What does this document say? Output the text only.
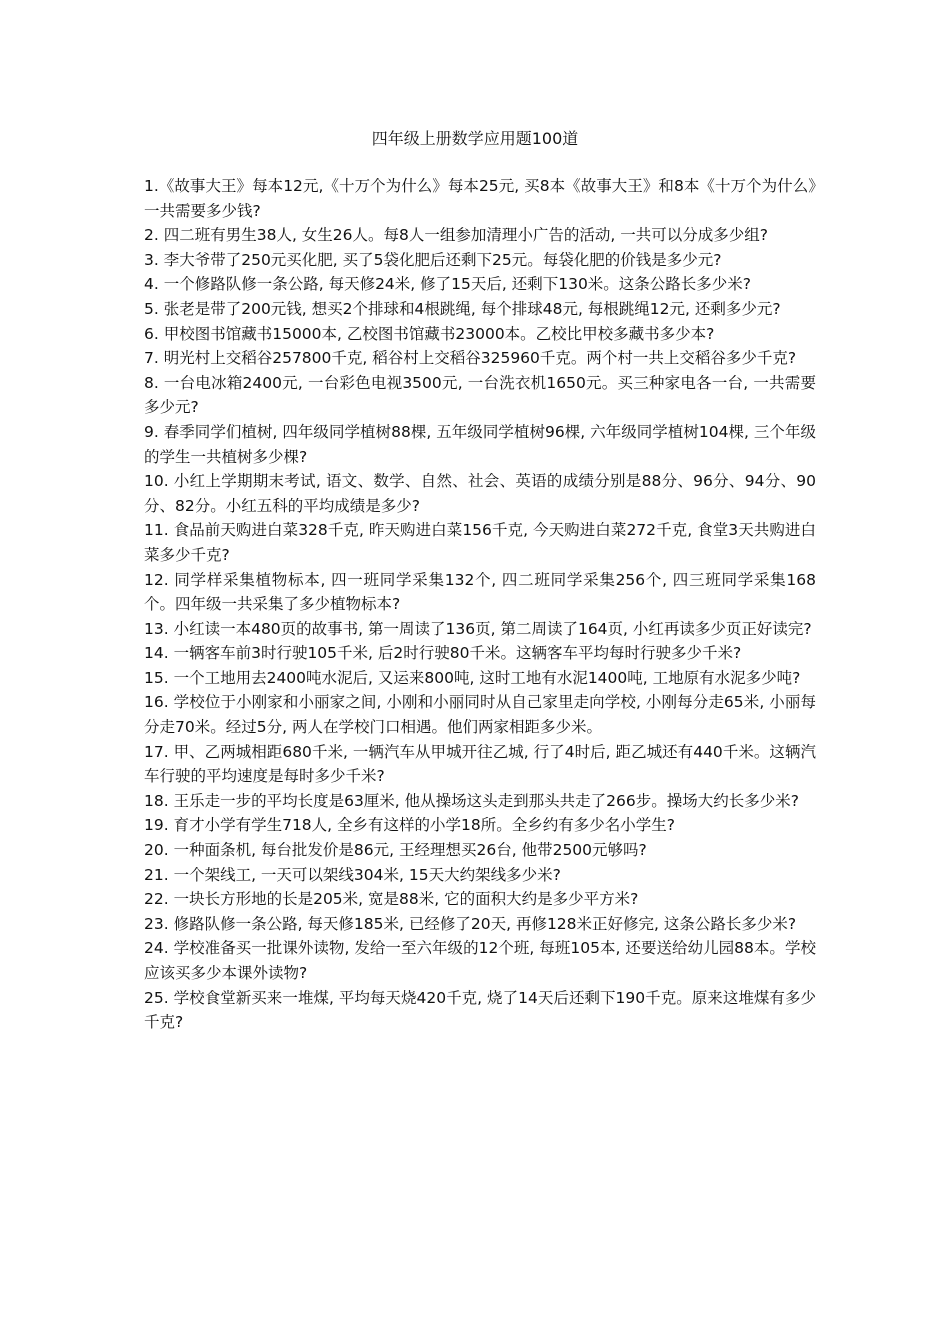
四年级上册数学应用题100道

1.《故事大王》每本12元,《十万个为什么》每本25元, 买8本《故事大王》和8本《十万个为什么》一共需要多少钱?

2. 四二班有男生38人, 女生26人。每8人一组参加清理小广告的活动, 一共可以分成多少组?

3. 李大爷带了250元买化肥, 买了5袋化肥后还剩下25元。每袋化肥的价钱是多少元?

4. 一个修路队修一条公路, 每天修24米, 修了15天后, 还剩下130米。这条公路长多少米?

5. 张老是带了200元钱, 想买2个排球和4根跳绳, 每个排球48元, 每根跳绳12元, 还剩多少元?

6. 甲校图书馆藏书15000本, 乙校图书馆藏书23000本。乙校比甲校多藏书多少本?

7. 明光村上交稻谷257800千克, 稻谷村上交稻谷325960千克。两个村一共上交稻谷多少千克?

8. 一台电冰箱2400元, 一台彩色电视3500元, 一台洗衣机1650元。买三种家电各一台, 一共需要多少元?

9. 春季同学们植树, 四年级同学植树88棵, 五年级同学植树96棵, 六年级同学植树104棵, 三个年级的学生一共植树多少棵?

10. 小红上学期期末考试, 语文、数学、自然、社会、英语的成绩分别是88分、96分、94分、90分、82分。小红五科的平均成绩是多少?

11. 食品前天购进白菜328千克, 昨天购进白菜156千克, 今天购进白菜272千克, 食堂3天共购进白菜多少千克?

12. 同学样采集植物标本, 四一班同学采集132个, 四二班同学采集256个, 四三班同学采集168个。四年级一共采集了多少植物标本?

13. 小红读一本480页的故事书, 第一周读了136页, 第二周读了164页, 小红再读多少页正好读完?

14. 一辆客车前3时行驶105千米, 后2时行驶80千米。这辆客车平均每时行驶多少千米?

15. 一个工地用去2400吨水泥后, 又运来800吨, 这时工地有水泥1400吨, 工地原有水泥多少吨?

16. 学校位于小刚家和小丽家之间, 小刚和小丽同时从自己家里走向学校, 小刚每分走65米, 小丽每分走70米。经过5分, 两人在学校门口相遇。他们两家相距多少米。

17. 甲、乙两城相距680千米, 一辆汽车从甲城开往乙城, 行了4时后, 距乙城还有440千米。这辆汽车行驶的平均速度是每时多少千米?

18. 王乐走一步的平均长度是63厘米, 他从操场这头走到那头共走了266步。操场大约长多少米?

19. 育才小学有学生718人, 全乡有这样的小学18所。全乡约有多少名小学生?

20. 一种面条机, 每台批发价是86元, 王经理想买26台, 他带2500元够吗?

21. 一个架线工, 一天可以架线304米, 15天大约架线多少米?

22. 一块长方形地的长是205米, 宽是88米, 它的面积大约是多少平方米?

23. 修路队修一条公路, 每天修185米, 已经修了20天, 再修128米正好修完, 这条公路长多少米?

24. 学校准备买一批课外读物, 发给一至六年级的12个班, 每班105本, 还要送给幼儿园88本。学校应该买多少本课外读物?

25. 学校食堂新买来一堆煤, 平均每天烧420千克, 烧了14天后还剩下190千克。原来这堆煤有多少千克?
